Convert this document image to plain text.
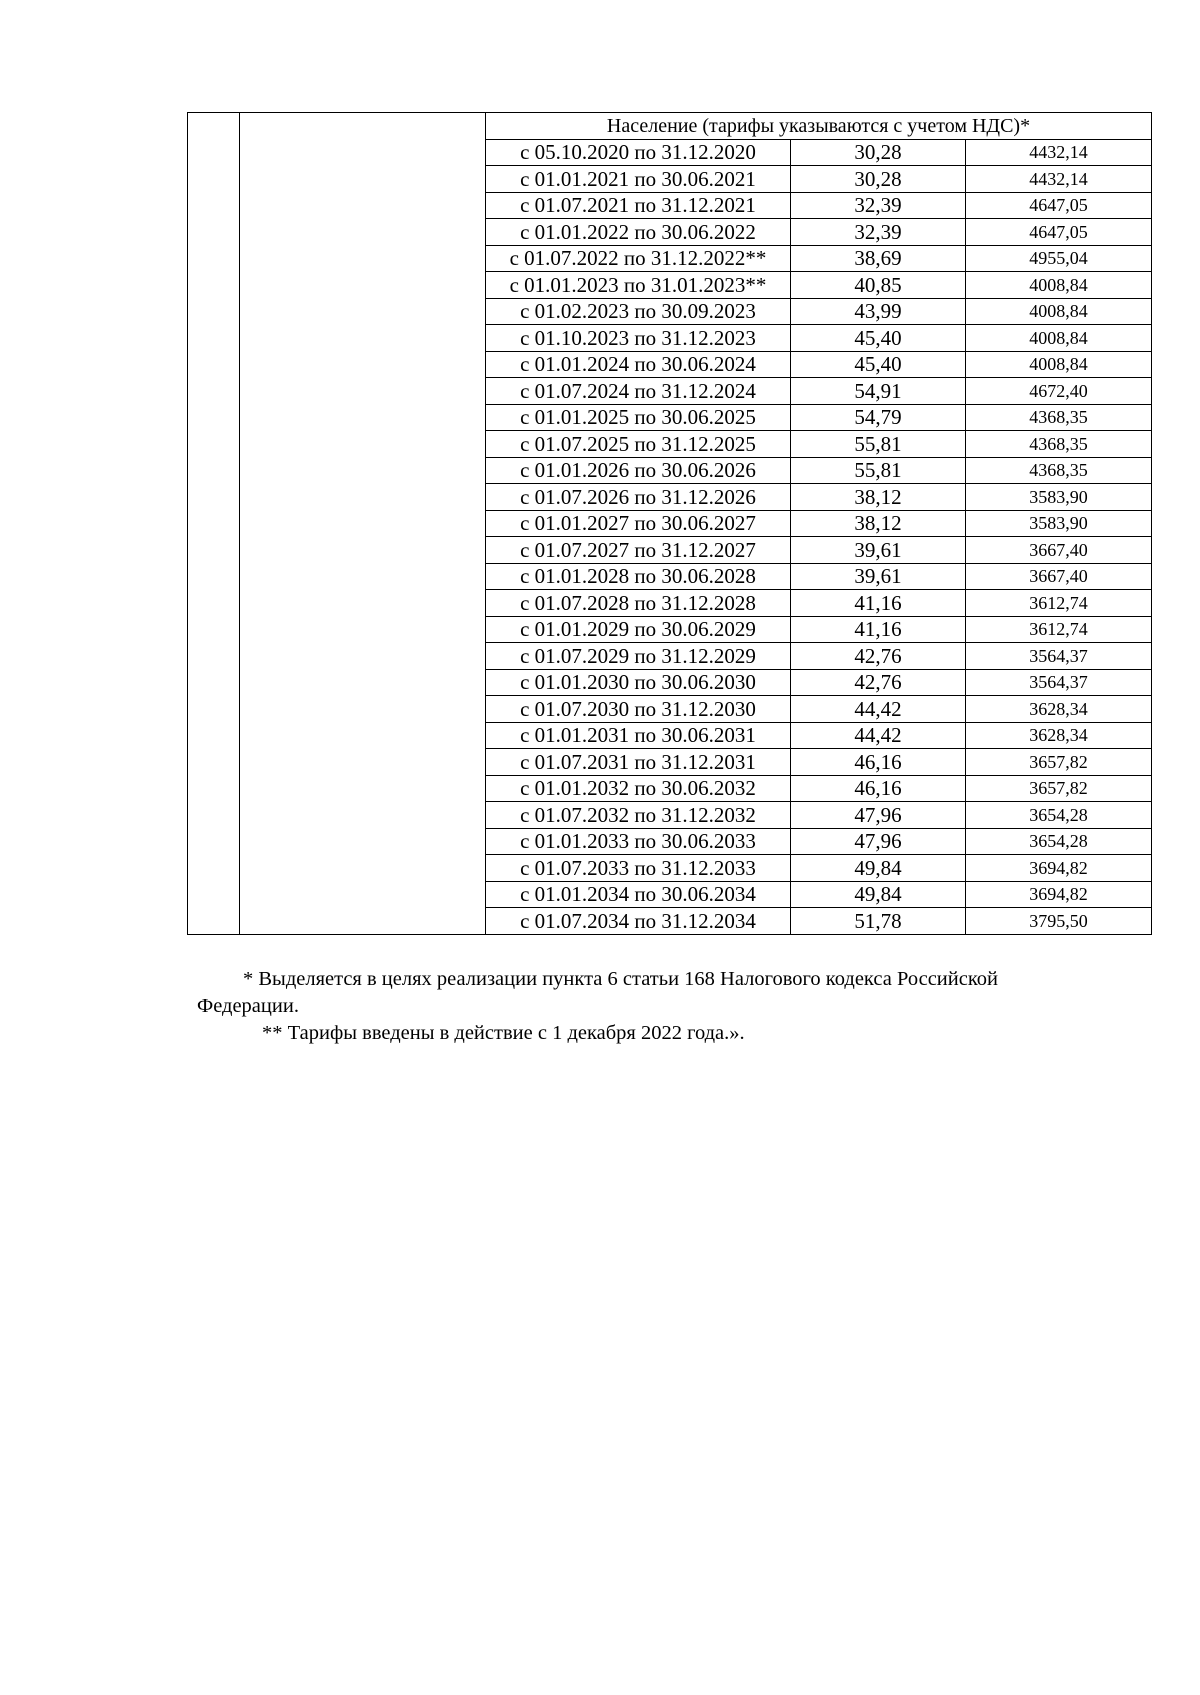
		Население (тарифы указываются с учетом НДС)*		
		с 05.10.2020 по 31.12.2020	30,28	4432,14
		с 01.01.2021 по 30.06.2021	30,28	4432,14
		с 01.07.2021 по 31.12.2021	32,39	4647,05
		с 01.01.2022 по 30.06.2022	32,39	4647,05
		с 01.07.2022 по 31.12.2022**	38,69	4955,04
		с 01.01.2023 по 31.01.2023**	40,85	4008,84
		с 01.02.2023 по 30.09.2023	43,99	4008,84
		с 01.10.2023 по 31.12.2023	45,40	4008,84
		с 01.01.2024 по 30.06.2024	45,40	4008,84
		с 01.07.2024 по 31.12.2024	54,91	4672,40
		с 01.01.2025 по 30.06.2025	54,79	4368,35
		с 01.07.2025 по 31.12.2025	55,81	4368,35
		с 01.01.2026 по 30.06.2026	55,81	4368,35
		с 01.07.2026 по 31.12.2026	38,12	3583,90
		с 01.01.2027 по 30.06.2027	38,12	3583,90
		с 01.07.2027 по 31.12.2027	39,61	3667,40
		с 01.01.2028 по 30.06.2028	39,61	3667,40
		с 01.07.2028 по 31.12.2028	41,16	3612,74
		с 01.01.2029 по 30.06.2029	41,16	3612,74
		с 01.07.2029 по 31.12.2029	42,76	3564,37
		с 01.01.2030 по 30.06.2030	42,76	3564,37
		с 01.07.2030 по 31.12.2030	44,42	3628,34
		с 01.01.2031 по 30.06.2031	44,42	3628,34
		с 01.07.2031 по 31.12.2031	46,16	3657,82
		с 01.01.2032 по 30.06.2032	46,16	3657,82
		с 01.07.2032 по 31.12.2032	47,96	3654,28
		с 01.01.2033 по 30.06.2033	47,96	3654,28
		с 01.07.2033 по 31.12.2033	49,84	3694,82
		с 01.01.2034 по 30.06.2034	49,84	3694,82
		с 01.07.2034 по 31.12.2034	51,78	3795,50

* Выделяется в целях реализации пункта 6 статьи 168 Налогового кодекса Российской Федерации.

** Тарифы введены в действие с 1 декабря 2022 года.».
